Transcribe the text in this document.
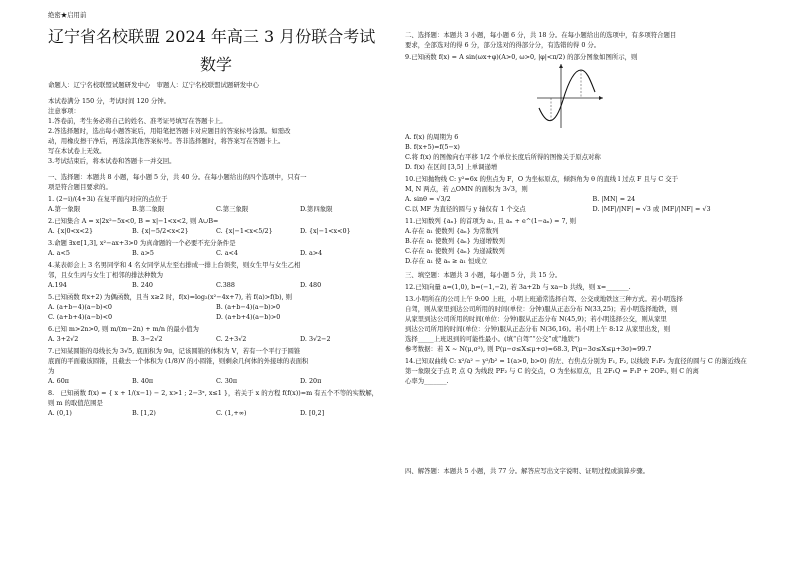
绝密★启用前
辽宁省名校联盟 2024 年高三 3 月份联合考试
数学
命题人：辽宁名校联盟试题研发中心　审题人：辽宁名校联盟试题研发中心
本试卷满分 150 分，考试时间 120 分钟。
注意事项：
1.答卷前，考生务必将自己的姓名、准考证号填写在答题卡上。
2.答选择题时，选出每小题答案后，用铅笔把答题卡对应题目的答案标号涂黑。如需改
动，用橡皮擦干净后，再选涂其他答案标号。答非选择题时，将答案写在答题卡上。
写在本试卷上无效。
3.考试结束后，将本试卷和答题卡一并交回。
一、选择题：本题共 8 小题，每小题 5 分，共 40 分。在每小题给出的四个选项中，只有一
项是符合题目要求的。
1. (2−i)/(4+3i) 在复平面内对应的点位于
A.第一象限	B.第二象限	C.第三象限	D.第四象限
2.已知集合 A = x|2x²−5x<0, B = x|−1<x<2, 则 A∪B=
A. {x|0<x<2}	B. {x|−5/2<x<2}	C. {x|−1<x<5/2}	D. {x|−1<x<0}
3.命题 ∃x∈[1,3], x²−ax+3>0 为真命题的一个必要不充分条件是
A. a<5	B. a>5	C. a<4	D. a>4
4.某表彰会上 3 名男同学和 4 名女同学从左至右排成一排上台领奖，则女生甲与女生乙相
邻，且女生丙与女生丁相邻的排法种数为
A.194	B. 240	C.388	D. 480
5.已知函数 f(x+2) 为偶函数，且当 x≥2 时，f(x)=log₂(x²−4x+7), 若 f(a)>f(b), 则
A. (a+b−4)(a−b)<0	B. (a+b−4)(a−b)>0
C. (a+b+4)(a−b)<0	D. (a+b+4)(a−b)>0
6.已知 m>2n>0, 则 m/(m−2n) + m/n 的最小值为
A. 3+2√2	B. 3−2√2	C. 2+3√2	D. 3√2−2
7.已知某圆锥的母线长为 3√5, 底面积为 9π，记该圆锥的体积为 V，若有一个平行于圆锥
底面的平面截该圆锥，且截去一个体积为 (1/8)V 的小圆锥，则剩余几何体的外接球的表面积
为
A. 60π	B. 40π	C. 30π	D. 20π
8.　已知函数 f(x) = { x + 1/(x−1) − 2, x>1 ; 2−3ˣ, x≤1 }，若关于 x 的方程 f(f(x))=m 有五个不等的实数解，
则 m 的取值范围是
A. (0,1)	B. [1,2)	C. (1,+∞)	D. [0,2]
二、选择题：本题共 3 小题，每小题 6 分，共 18 分。在每小题给出的选项中，有多项符合题目
要求，全部选对的得 6 分，部分选对的得部分分，有选错的得 0 分。
9.已知函数 f(x) = A sin(ωx+φ)(A>0, ω>0, |φ|<π/2) 的部分图象如图所示，则
A. f(x) 的周期为 6
B. f(x+5)=f(5−x)
C.将 f(x) 的图像向右平移 1/2 个单位长度后所得的图像关于原点对称
D. f(x) 在区间 [3,5] 上单调递增
10.已知抛物线 C: y²=6x 的焦点为 F，O 为坐标原点，倾斜角为 θ 的直线 l 过点 F 且与 C 交于
M, N 两点，若 △OMN 的面积为 3√3，则
A. sinθ = √3/2	B. |MN| = 24
C.以 MF 为直径的圆与 y 轴仅有 1 个交点	D. |MF|/|NF| = √3 或 |MF|/|NF| = √3
11.已知数列 {aₙ} 的首项为 a₁, 且 aₙ + e^(1−aₙ) = 7, 则
A.存在 a₁ 使数列 {aₙ} 为常数列
B.存在 a₁ 使数列 {aₙ} 为递增数列
C.存在 a₁ 使数列 {aₙ} 为递减数列
D.存在 a₁ 使 aₙ ≥ a₁ 恒成立
三、填空题：本题共 3 小题，每小题 5 分，共 15 分。
12.已知向量 a=(1,0), b=(−1,−2), 若 3a+2b 与 xa−b 共线，则 x=_______.
13.小明所在的公司上午 9:00 上班，小明上班通常选择自驾、公交或地铁这三种方式。若小明选择
自驾，则从家里到达公司所用的时间(单位：分钟)服从正态分布 N(33,25)；若小明选择地铁，则
从家里到达公司所用的时间(单位：分钟)服从正态分布 N(45,9)；若小明选择公交，则从家里
到达公司所用的时间(单位：分钟)服从正态分布 N(36,16)。若小明上午 8:12 从家里出发，则
选择_____上班迟到的可能性最小。(填“自驾”“公交”或“地铁”)
参考数据：若 X ~ N(μ,σ²), 则 P(μ−σ≤X≤μ+σ)≈68.3, P(μ−3σ≤X≤μ+3σ)≈99.7
14.已知双曲线 C: x²/a² − y²/b² = 1(a>0, b>0) 的左、右焦点分别为 F₁, F₂, 以线段 F₁F₂ 为直径的圆与 C 的渐近线在
第一象限交于点 P, 点 Q 为线段 PF₂ 与 C 的交点，O 为坐标原点，且 2F₁Q = F₁P + 2OF₂, 则 C 的离
心率为_______.
四、解答题：本题共 5 小题，共 77 分。解答应写出文字说明、证明过程或演算步骤。
